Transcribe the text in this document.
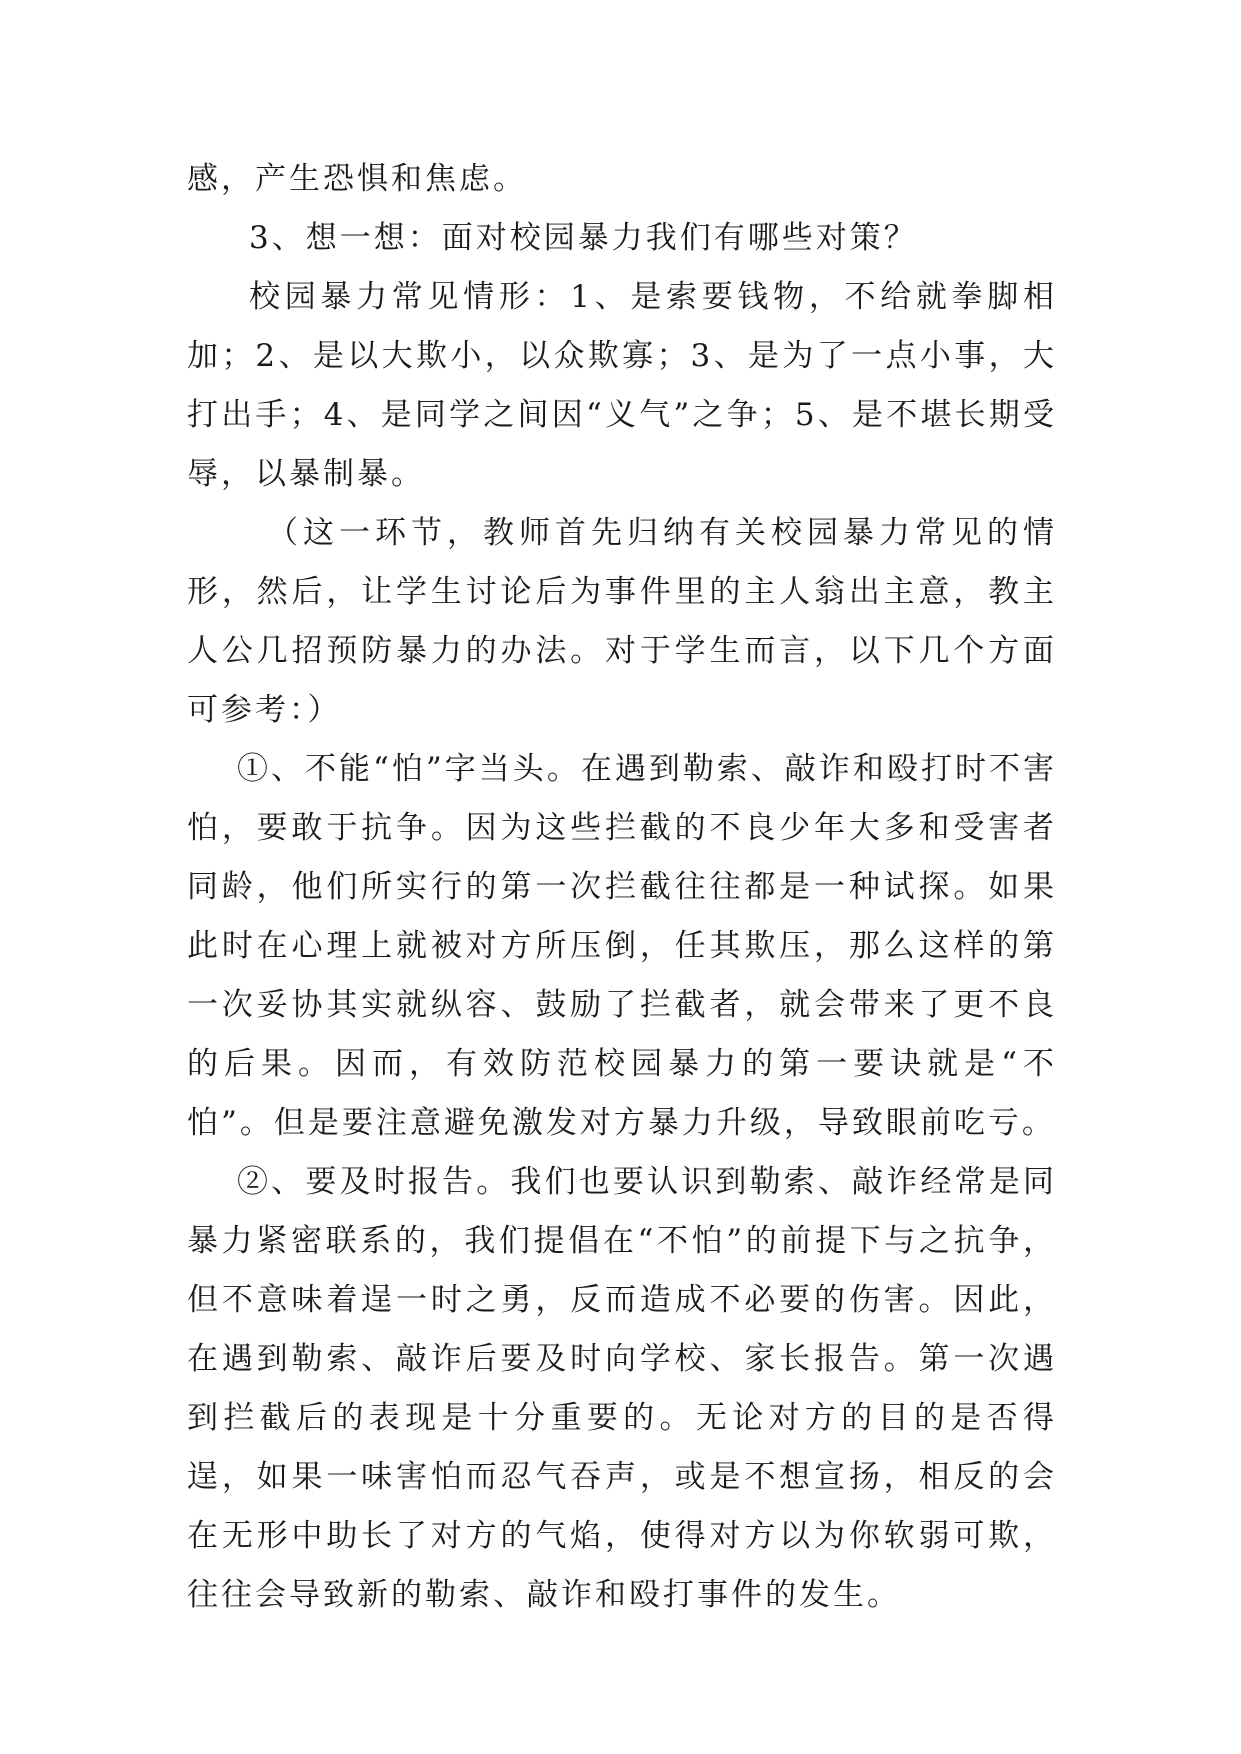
感，产生恐惧和焦虑。

3、想一想：面对校园暴力我们有哪些对策？

校园暴力常见情形：1、是索要钱物，不给就拳脚相加；2、是以大欺小，以众欺寡；3、是为了一点小事，大打出手；4、是同学之间因“义气”之争；5、是不堪长期受辱，以暴制暴。

（这一环节，教师首先归纳有关校园暴力常见的情形，然后，让学生讨论后为事件里的主人翁出主意，教主人公几招预防暴力的办法。对于学生而言，以下几个方面可参考：）

①、不能“怕”字当头。在遇到勒索、敲诈和殴打时不害怕，要敢于抗争。因为这些拦截的不良少年大多和受害者同龄，他们所实行的第一次拦截往往都是一种试探。如果此时在心理上就被对方所压倒，任其欺压，那么这样的第一次妥协其实就纵容、鼓励了拦截者，就会带来了更不良的后果。因而，有效防范校园暴力的第一要诀就是“不怕”。但是要注意避免激发对方暴力升级，导致眼前吃亏。

②、要及时报告。我们也要认识到勒索、敲诈经常是同暴力紧密联系的，我们提倡在“不怕”的前提下与之抗争，但不意味着逞一时之勇，反而造成不必要的伤害。因此，在遇到勒索、敲诈后要及时向学校、家长报告。第一次遇到拦截后的表现是十分重要的。无论对方的目的是否得逞，如果一味害怕而忍气吞声，或是不想宣扬，相反的会在无形中助长了对方的气焰，使得对方以为你软弱可欺，往往会导致新的勒索、敲诈和殴打事件的发生。
